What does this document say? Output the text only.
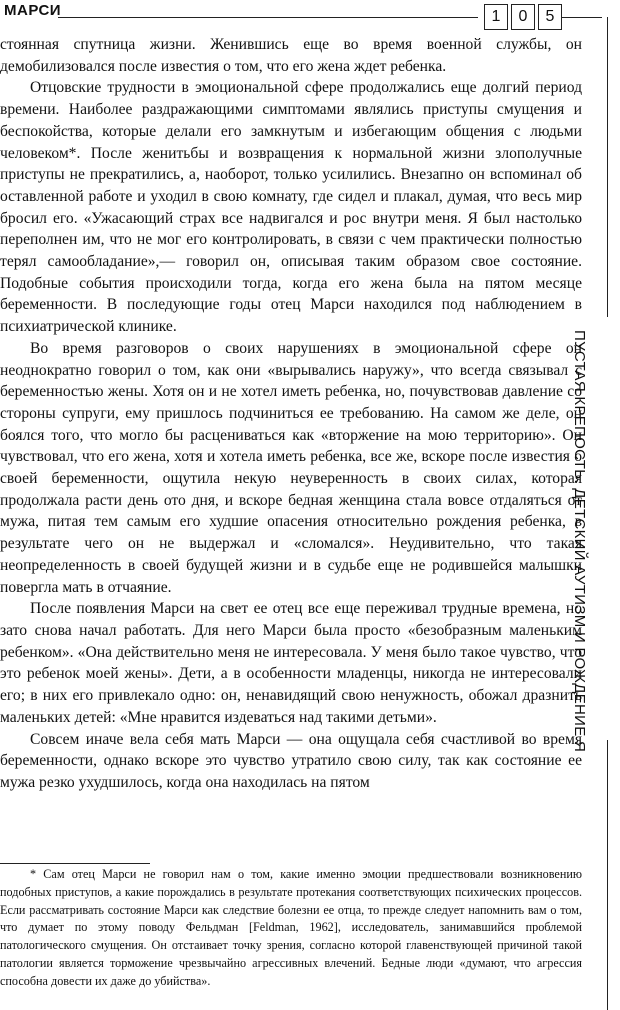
МАРСИ	1	0	5
ПУСТАЯ КРЕПОСТЬ. ДЕТСКИЙ АУТИЗМ И РОЖДЕНИЕ Я

стоянная спутница жизни. Женившись еще во время военной службы, он демобилизовался после известия о том, что его жена ждет ребенка.

Отцовские трудности в эмоциональной сфере продолжались еще долгий период времени. Наиболее раздражающими симптомами являлись приступы смущения и беспокойства, которые делали его замкнутым и избегающим общения с людьми человеком*. После женитьбы и возвращения к нормальной жизни злополучные приступы не прекратились, а, наоборот, только усилились. Внезапно он вспоминал об оставленной работе и уходил в свою комнату, где сидел и плакал, думая, что весь мир бросил его. «Ужасающий страх все надвигался и рос внутри меня. Я был настолько переполнен им, что не мог его контролировать, в связи с чем практически полностью терял самообладание»,— говорил он, описывая таким образом свое состояние. Подобные события происходили тогда, когда его жена была на пятом месяце беременности. В последующие годы отец Марси находился под наблюдением в психиатрической клинике.

Во время разговоров о своих нарушениях в эмоциональной сфере он неоднократно говорил о том, как они «вырывались наружу», что всегда связывал с беременностью жены. Хотя он и не хотел иметь ребенка, но, почувствовав давление со стороны супруги, ему пришлось подчиниться ее требованию. На самом же деле, он боялся того, что могло бы расцениваться как «вторжение на мою территорию». Он чувствовал, что его жена, хотя и хотела иметь ребенка, все же, вскоре после известия о своей беременности, ощутила некую неуверенность в своих силах, которая продолжала расти день ото дня, и вскоре бедная женщина стала вовсе отдаляться от мужа, питая тем самым его худшие опасения относительно рождения ребенка, в результате чего он не выдержал и «сломался». Неудивительно, что такая неопределенность в своей будущей жизни и в судьбе еще не родившейся малышки повергла мать в отчаяние.

После появления Марси на свет ее отец все еще переживал трудные времена, но зато снова начал работать. Для него Марси была просто «безобразным маленьким ребенком». «Она действительно меня не интересовала. У меня было такое чувство, что это ребенок моей жены». Дети, а в особенности младенцы, никогда не интересовали его; в них его привлекало одно: он, ненавидящий свою ненужность, обожал дразнить маленьких детей: «Мне нравится издеваться над такими детьми».

Совсем иначе вела себя мать Марси — она ощущала себя счастливой во время беременности, однако вскоре это чувство утратило свою силу, так как состояние ее мужа резко ухудшилось, когда она находилась на пятом

* Сам отец Марси не говорил нам о том, какие именно эмоции предшествовали возникновению подобных приступов, а какие порождались в результате протекания соответствующих психических процессов. Если рассматривать состояние Марси как следствие болезни ее отца, то прежде следует напомнить вам о том, что думает по этому поводу Фельдман [Feldman, 1962], исследователь, занимавшийся проблемой патологического смущения. Он отстаивает точку зрения, согласно которой главенствующей причиной такой патологии является торможение чрезвычайно агрессивных влечений. Бедные люди «думают, что агрессия способна довести их даже до убийства».
